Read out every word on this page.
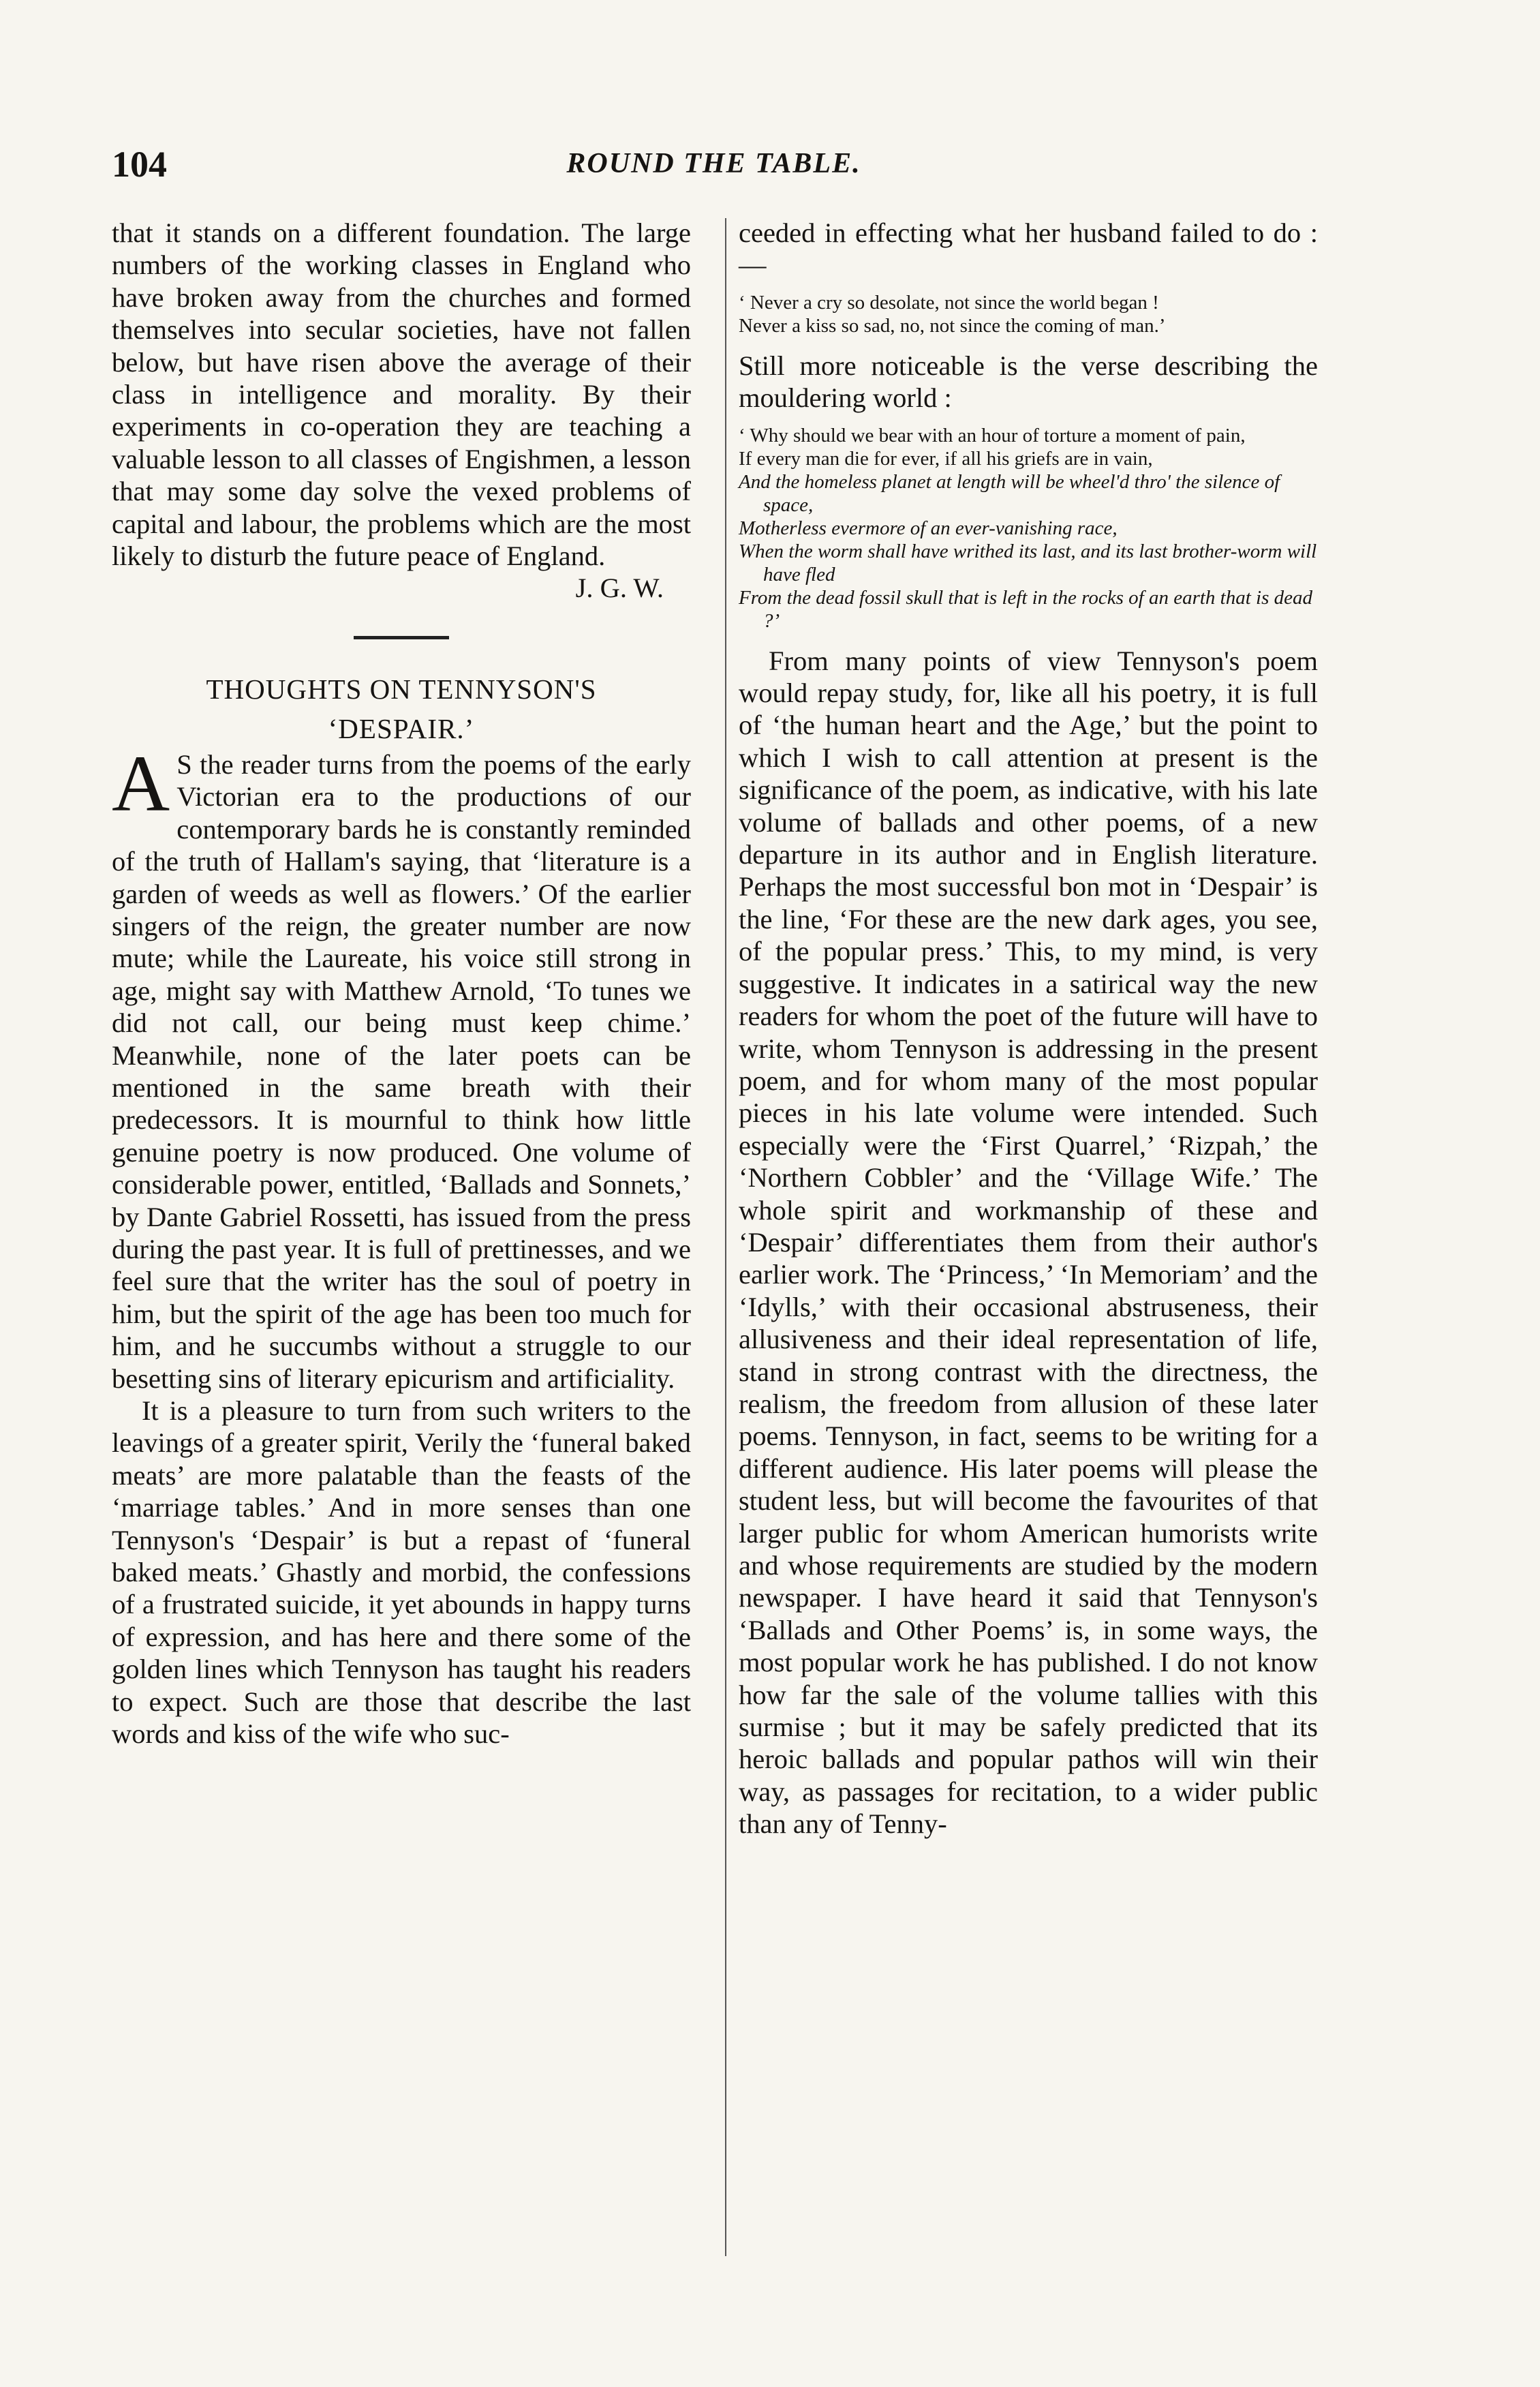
104	ROUND THE TABLE.

that it stands on a different foundation. The large numbers of the working classes in England who have broken away from the churches and formed themselves into secular societies, have not fallen below, but have risen above the average of their class in intelligence and morality. By their experiments in co-operation they are teaching a valuable lesson to all classes of Engishmen, a lesson that may some day solve the vexed problems of capital and labour, the problems which are the most likely to disturb the future peace of England.

J. G. W.

THOUGHTS ON TENNYSON'S
‘DESPAIR.’

A S the reader turns from the poems of the early Victorian era to the productions of our contemporary bards he is constantly reminded of the truth of Hallam's saying, that ‘literature is a garden of weeds as well as flowers.’ Of the earlier singers of the reign, the greater number are now mute; while the Laureate, his voice still strong in age, might say with Matthew Arnold, ‘To tunes we did not call, our being must keep chime.’ Meanwhile, none of the later poets can be mentioned in the same breath with their predecessors. It is mournful to think how little genuine poetry is now produced. One volume of considerable power, entitled, ‘Ballads and Sonnets,’ by Dante Gabriel Rossetti, has issued from the press during the past year. It is full of prettinesses, and we feel sure that the writer has the soul of poetry in him, but the spirit of the age has been too much for him, and he succumbs without a struggle to our besetting sins of literary epicurism and artificiality.

It is a pleasure to turn from such writers to the leavings of a greater spirit, Verily the ‘funeral baked meats’ are more palatable than the feasts of the ‘marriage tables.’ And in more senses than one Tennyson's ‘Despair’ is but a repast of ‘funeral baked meats.’ Ghastly and morbid, the confessions of a frustrated suicide, it yet abounds in happy turns of expression, and has here and there some of the golden lines which Tennyson has taught his readers to expect. Such are those that describe the last words and kiss of the wife who suc-

ceeded in effecting what her husband failed to do :—

‘ Never a cry so desolate, not since the world began !
Never a kiss so sad, no, not since the coming of man.’

Still more noticeable is the verse describing the mouldering world :

‘ Why should we bear with an hour of torture a moment of pain,
If every man die for ever, if all his griefs are in vain,
And the homeless planet at length will be wheel'd thro' the silence of space,
Motherless evermore of an ever-vanishing race,
When the worm shall have writhed its last, and its last brother-worm will have fled
From the dead fossil skull that is left in the rocks of an earth that is dead ?’

From many points of view Tennyson's poem would repay study, for, like all his poetry, it is full of ‘the human heart and the Age,’ but the point to which I wish to call attention at present is the significance of the poem, as indicative, with his late volume of ballads and other poems, of a new departure in its author and in English literature. Perhaps the most successful bon mot in ‘Despair’ is the line, ‘For these are the new dark ages, you see, of the popular press.’ This, to my mind, is very suggestive. It indicates in a satirical way the new readers for whom the poet of the future will have to write, whom Tennyson is addressing in the present poem, and for whom many of the most popular pieces in his late volume were intended. Such especially were the ‘First Quarrel,’ ‘Rizpah,’ the ‘Northern Cobbler’ and the ‘Village Wife.’ The whole spirit and workmanship of these and ‘Despair’ differentiates them from their author's earlier work. The ‘Princess,’ ‘In Memoriam’ and the ‘Idylls,’ with their occasional abstruseness, their allusiveness and their ideal representation of life, stand in strong contrast with the directness, the realism, the freedom from allusion of these later poems. Tennyson, in fact, seems to be writing for a different audience. His later poems will please the student less, but will become the favourites of that larger public for whom American humorists write and whose requirements are studied by the modern newspaper. I have heard it said that Tennyson's ‘Ballads and Other Poems’ is, in some ways, the most popular work he has published. I do not know how far the sale of the volume tallies with this surmise ; but it may be safely predicted that its heroic ballads and popular pathos will win their way, as passages for recitation, to a wider public than any of Tenny-
